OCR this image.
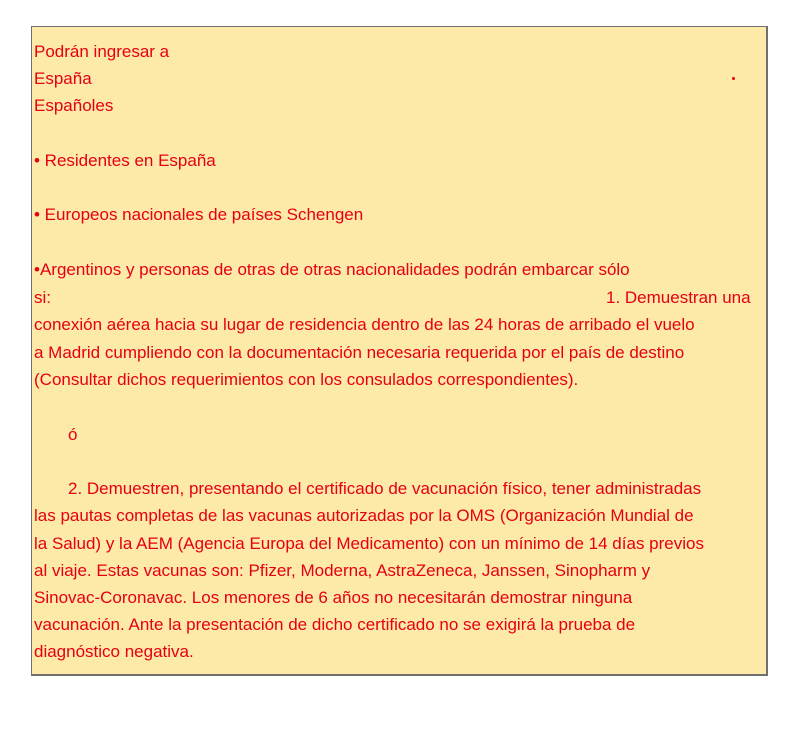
Podrán ingresar a

España

Españoles

• Residentes en España

• Europeos nacionales de países Schengen

•Argentinos y personas de otras de otras nacionalidades podrán embarcar sólo

si:	1. Demuestran una

conexión aérea hacia su lugar de residencia dentro de las 24 horas de arribado el vuelo

a Madrid cumpliendo con la documentación necesaria requerida por el país de destino

(Consultar dichos requerimientos con los consulados correspondientes).

ó

2. Demuestren, presentando el certificado de vacunación físico, tener administradas

las pautas completas de las vacunas autorizadas por la OMS (Organización Mundial de

la Salud) y la AEM (Agencia Europa del Medicamento) con un mínimo de 14 días previos

al viaje. Estas vacunas son: Pfizer, Moderna, AstraZeneca, Janssen, Sinopharm y

Sinovac-Coronavac. Los menores de 6 años no necesitarán demostrar ninguna

vacunación. Ante la presentación de dicho certificado no se exigirá la prueba de

diagnóstico negativa.
